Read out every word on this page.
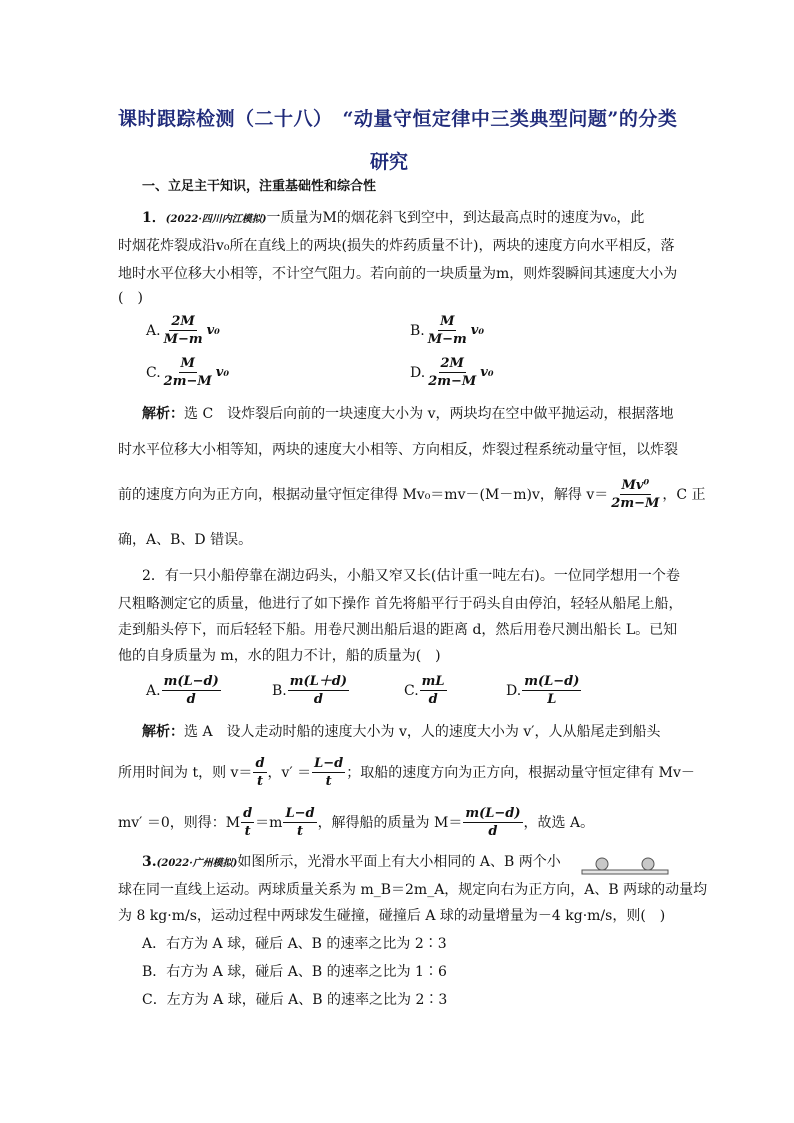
课时跟踪检测（二十八）　“动量守恒定律中三类典型问题”的分类
研究
一、立足主干知识，注重基础性和综合性
1．(2022·四川内江模拟)一质量为M的烟花斜飞到空中，到达最高点时的速度为v₀，此
时烟花炸裂成沿v₀所在直线上的两块(损失的炸药质量不计)，两块的速度方向水平相反，落
地时水平位移大小相等，不计空气阻力。若向前的一块质量为m，则炸裂瞬间其速度大小为
(　)
A. $\frac{2M}{M-m} v_0$	B. $\frac{M}{M-m} v_0$
C. $\frac{M}{2m-M} v_0$	D. $\frac{2M}{2m-M} v_0$
解析：选 C　设炸裂后向前的一块速度大小为 v，两块均在空中做平抛运动，根据落地
时水平位移大小相等知，两块的速度大小相等、方向相反，炸裂过程系统动量守恒，以炸裂
前的速度方向为正方向，根据动量守恒定律得 Mv₀＝mv－(M－m)v，解得 $v= \frac{\text{Mv⁰}}{2m-M}$ ，C 正
确，A、B、D 错误。
2．有一只小船停靠在湖边码头，小船又窄又长(估计重一吨左右)。一位同学想用一个卷
尺粗略测定它的质量，他进行了如下操作 首先将船平行于码头自由停泊，轻轻从船尾上船，
走到船头停下，而后轻轻下船。用卷尺测出船后退的距离 d，然后用卷尺测出船长 L。已知
他的自身质量为 m，水的阻力不计，船的质量为(　)
A. $\frac{m(L-d)}{d}$	B. $\frac{m(L+d)}{d}$	C. $\frac{mL}{d}$	D. $\frac{m(L-d)}{L}$
解析：选 A　设人走动时船的速度大小为 v，人的速度大小为 v′，人从船尾走到船头
所用时间为 t，则 $v= \frac{d}{t}$ ，$v' = \frac{L-d}{t}$ ；取船的速度方向为正方向，根据动量守恒定律有 Mv－
mv′ ＝0，则得：M $\frac{d}{t} =m \frac{L-d}{t}$ ，解得船的质量为 $M= \frac{m(L-d)}{d}$ ，故选 A。
3.(2022·广州模拟)如图所示，光滑水平面上有大小相同的 A、B 两个小
球在同一直线上运动。两球质量关系为 m_B＝2m_A，规定向右为正方向，A、B 两球的动量均
为 8 kg·m/s，运动过程中两球发生碰撞，碰撞后 A 球的动量增量为－4 kg·m/s，则(　)
A．右方为 A 球，碰后 A、B 的速率之比为 2∶3
B．右方为 A 球，碰后 A、B 的速率之比为 1∶6
C．左方为 A 球，碰后 A、B 的速率之比为 2∶3
